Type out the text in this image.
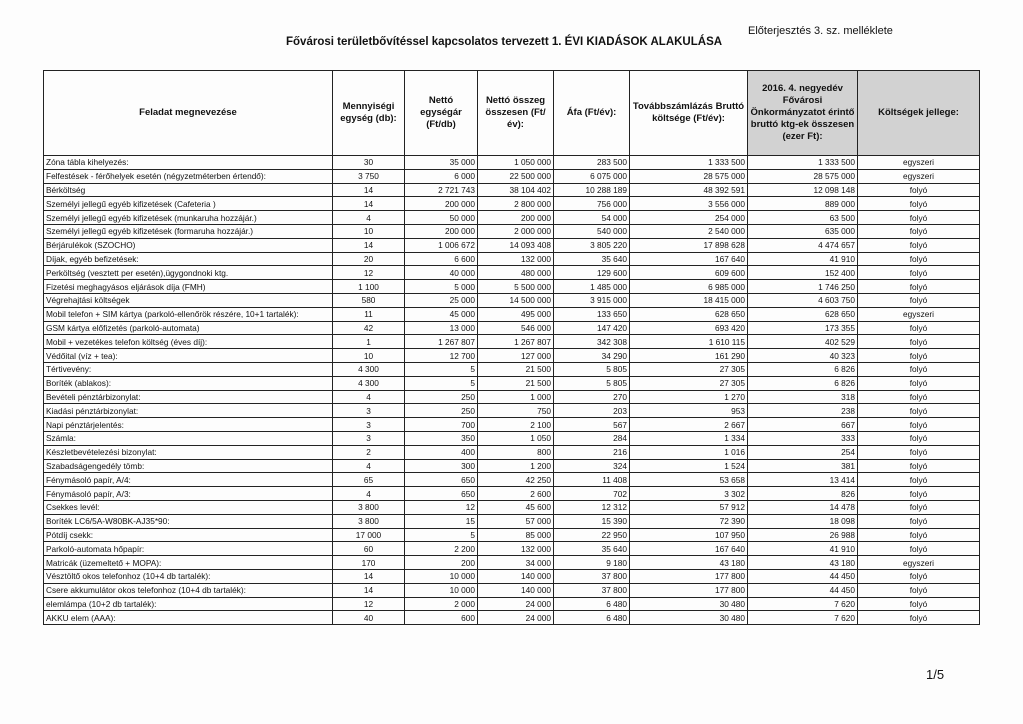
Fővárosi területbővítéssel kapcsolatos tervezett 1. ÉVI KIADÁSOK ALAKULÁSA
Előterjesztés 3. sz. melléklete
Feladat megnevezése	Mennyiségi egység (db):	Nettó egységár (Ft/db)	Nettó összeg összesen (Ft/év):	Áfa (Ft/év):	Továbbszámlázás Bruttó költsége (Ft/év):	2016. 4. negyedév Fővárosi Önkormányzatot érintő bruttó ktg-ek összesen (ezer Ft):	Költségek jellege:
Zóna tábla kihelyezés:	30	35 000	1 050 000	283 500	1 333 500	1 333 500	egyszeri
Felfestések - férőhelyek esetén (négyzetméterben értendő):	3 750	6 000	22 500 000	6 075 000	28 575 000	28 575 000	egyszeri
Bérköltség	14	2 721 743	38 104 402	10 288 189	48 392 591	12 098 148	folyó
Személyi jellegű egyéb kifizetések (Cafeteria )	14	200 000	2 800 000	756 000	3 556 000	889 000	folyó
Személyi jellegű egyéb kifizetések (munkaruha hozzájár.)	4	50 000	200 000	54 000	254 000	63 500	folyó
Személyi jellegű egyéb kifizetések (formaruha hozzájár.)	10	200 000	2 000 000	540 000	2 540 000	635 000	folyó
Bérjárulékok (SZOCHO)	14	1 006 672	14 093 408	3 805 220	17 898 628	4 474 657	folyó
Díjak, egyéb befizetések:	20	6 600	132 000	35 640	167 640	41 910	folyó
Perköltség (vesztett per esetén),ügygondnoki ktg.	12	40 000	480 000	129 600	609 600	152 400	folyó
Fizetési meghagyásos eljárások díja (FMH)	1 100	5 000	5 500 000	1 485 000	6 985 000	1 746 250	folyó
Végrehajtási költségek	580	25 000	14 500 000	3 915 000	18 415 000	4 603 750	folyó
Mobil telefon + SIM kártya (parkoló-ellenőrök részére, 10+1 tartalék):	11	45 000	495 000	133 650	628 650	628 650	egyszeri
GSM kártya előfizetés (parkoló-automata)	42	13 000	546 000	147 420	693 420	173 355	folyó
Mobil + vezetékes telefon költség (éves díj):	1	1 267 807	1 267 807	342 308	1 610 115	402 529	folyó
Védőital (víz + tea):	10	12 700	127 000	34 290	161 290	40 323	folyó
Tértivevény:	4 300	5	21 500	5 805	27 305	6 826	folyó
Boríték (ablakos):	4 300	5	21 500	5 805	27 305	6 826	folyó
Bevételi pénztárbizonylat:	4	250	1 000	270	1 270	318	folyó
Kiadási pénztárbizonylat:	3	250	750	203	953	238	folyó
Napi pénztárjelentés:	3	700	2 100	567	2 667	667	folyó
Számla:	3	350	1 050	284	1 334	333	folyó
Készletbevételezési bizonylat:	2	400	800	216	1 016	254	folyó
Szabadságengedély tömb:	4	300	1 200	324	1 524	381	folyó
Fénymásoló papír, A/4:	65	650	42 250	11 408	53 658	13 414	folyó
Fénymásoló papír, A/3:	4	650	2 600	702	3 302	826	folyó
Csekkes levél:	3 800	12	45 600	12 312	57 912	14 478	folyó
Boríték LC6/5A-W80BK-AJ35*90:	3 800	15	57 000	15 390	72 390	18 098	folyó
Pótdíj csekk:	17 000	5	85 000	22 950	107 950	26 988	folyó
Parkoló-automata hőpapír:	60	2 200	132 000	35 640	167 640	41 910	folyó
Matricák (üzemeltető + MOPA):	170	200	34 000	9 180	43 180	43 180	egyszeri
Vésztöltő okos telefonhoz (10+4 db tartalék):	14	10 000	140 000	37 800	177 800	44 450	folyó
Csere akkumulátor okos telefonhoz (10+4 db tartalék):	14	10 000	140 000	37 800	177 800	44 450	folyó
elemlámpa (10+2 db tartalék):	12	2 000	24 000	6 480	30 480	7 620	folyó
AKKU elem (AAA):	40	600	24 000	6 480	30 480	7 620	folyó
1/5
